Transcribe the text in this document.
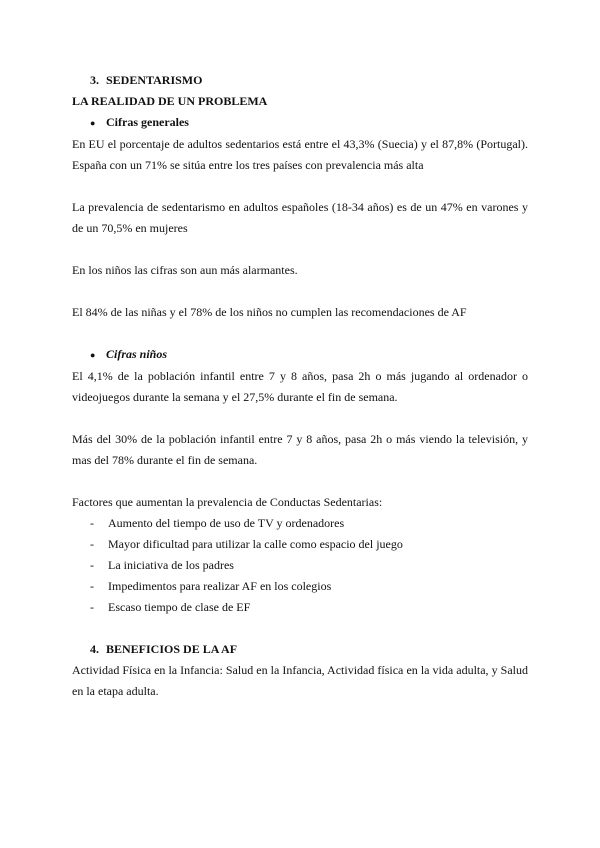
3. SEDENTARISMO
LA REALIDAD DE UN PROBLEMA
● Cifras generales

En EU el porcentaje de adultos sedentarios está entre el 43,3% (Suecia) y el 87,8% (Portugal). España con un 71% se sitúa entre los tres países con prevalencia más alta

La prevalencia de sedentarismo en adultos españoles (18-34 años) es de un 47% en varones y de un 70,5% en mujeres

En los niños las cifras son aun más alarmantes.

El 84% de las niñas y el 78% de los niños no cumplen las recomendaciones de AF

● Cifras niños

El 4,1% de la población infantil entre 7 y 8 años, pasa 2h o más jugando al ordenador o videojuegos durante la semana y el 27,5% durante el fin de semana.

Más del 30% de la población infantil entre 7 y 8 años, pasa 2h o más viendo la televisión, y mas del 78% durante el fin de semana.

Factores que aumentan la prevalencia de Conductas Sedentarias:

- Aumento del tiempo de uso de TV y ordenadores
- Mayor dificultad para utilizar la calle como espacio del juego
- La iniciativa de los padres
- Impedimentos para realizar AF en los colegios
- Escaso tiempo de clase de EF
4. BENEFICIOS DE LA AF

Actividad Física en la Infancia: Salud en la Infancia, Actividad física en la vida adulta, y Salud en la etapa adulta.
